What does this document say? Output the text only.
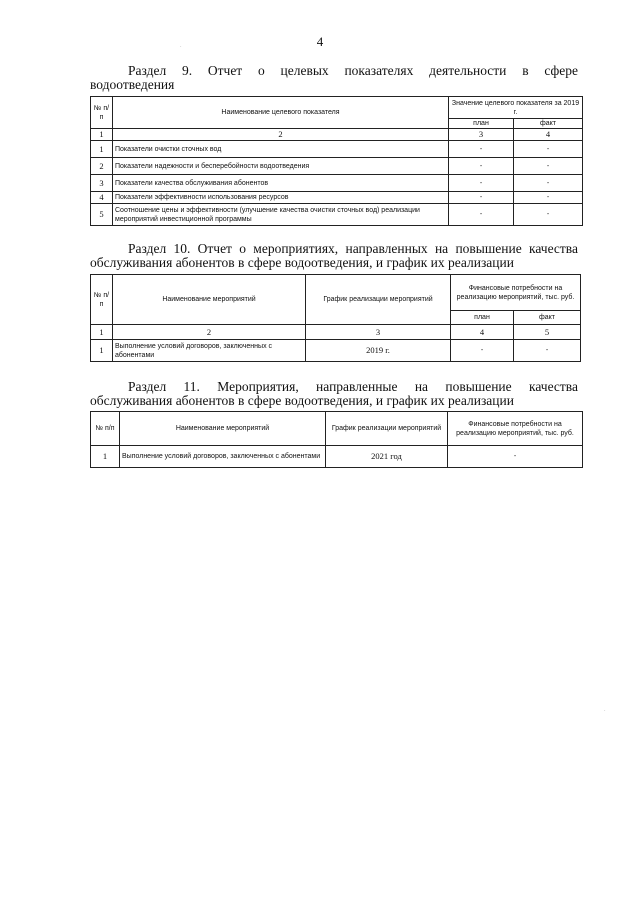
4
Раздел 9. Отчет о целевых показателях деятельности в сфере
водоотведения
№ п/п	Наименование целевого показателя	Значение целевого показателя за 2019 г.	
		план	факт
1	2	3	4
1	Показатели очистки сточных вод	-	-
2	Показатели надежности и бесперебойности водоотведения	-	-
3	Показатели качества обслуживания абонентов	-	-
4	Показатели эффективности использования ресурсов	-	-
5	Соотношение цены и эффективности (улучшение качества очистки сточных вод) реализации мероприятий инвестиционной программы	-	-
Раздел 10. Отчет о мероприятиях, направленных на повышение качества
обслуживания абонентов в сфере водоотведения, и график их реализации
№ п/п	Наименование мероприятий	График реализации мероприятий	Финансовые потребности на реализацию мероприятий, тыс. руб.	
			план	факт
1	2	3	4	5
1	Выполнение условий договоров, заключенных с абонентами	2019 г.	-	-
Раздел 11. Мероприятия, направленные на повышение качества
обслуживания абонентов в сфере водоотведения, и график их реализации
№ п/п	Наименование мероприятий	График реализации мероприятий	Финансовые потребности на реализацию мероприятий, тыс. руб.
1	Выполнение условий договоров, заключенных с абонентами	2021 год	-
·
·
